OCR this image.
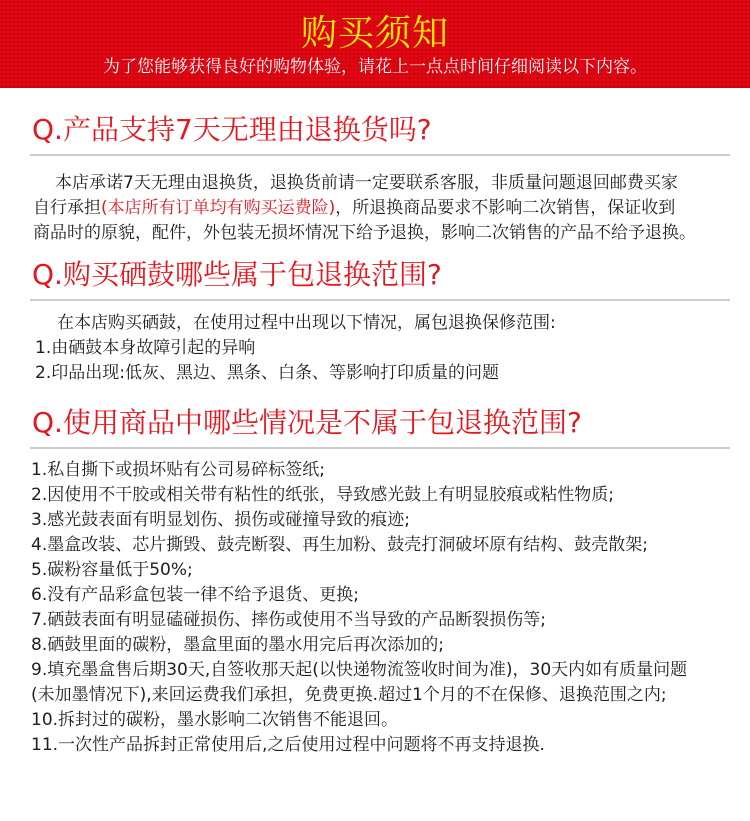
购买须知
为了您能够获得良好的购物体验，请花上一点点时间仔细阅读以下内容。
Q.产品支持7天无理由退换货吗?
本店承诺7天无理由退换货，退换货前请一定要联系客服，非质量问题退回邮费买家
自行承担(本店所有订单均有购买运费险)，所退换商品要求不影响二次销售，保证收到
商品时的原貌，配件，外包装无损坏情况下给予退换，影响二次销售的产品不给予退换。
Q.购买硒鼓哪些属于包退换范围?
在本店购买硒鼓，在使用过程中出现以下情况，属包退换保修范围:
1.由硒鼓本身故障引起的异响
2.印品出现:低灰、黑边、黑条、白条、等影响打印质量的问题
Q.使用商品中哪些情况是不属于包退换范围?
1.私自撕下或损坏贴有公司易碎标签纸;
2.因使用不干胶或相关带有粘性的纸张，导致感光鼓上有明显胶痕或粘性物质;
3.感光鼓表面有明显划伤、损伤或碰撞导致的痕迹;
4.墨盒改装、芯片撕毁、鼓壳断裂、再生加粉、鼓壳打洞破坏原有结构、鼓壳散架;
5.碳粉容量低于50%;
6.没有产品彩盒包装一律不给予退货、更换;
7.硒鼓表面有明显磕碰损伤、摔伤或使用不当导致的产品断裂损伤等;
8.硒鼓里面的碳粉，墨盒里面的墨水用完后再次添加的;
9.填充墨盒售后期30天,自签收那天起(以快递物流签收时间为准)，30天内如有质量问题
(未加墨情况下),来回运费我们承担，免费更换.超过1个月的不在保修、退换范围之内;
10.拆封过的碳粉，墨水影响二次销售不能退回。
11.一次性产品拆封正常使用后,之后使用过程中问题将不再支持退换.
